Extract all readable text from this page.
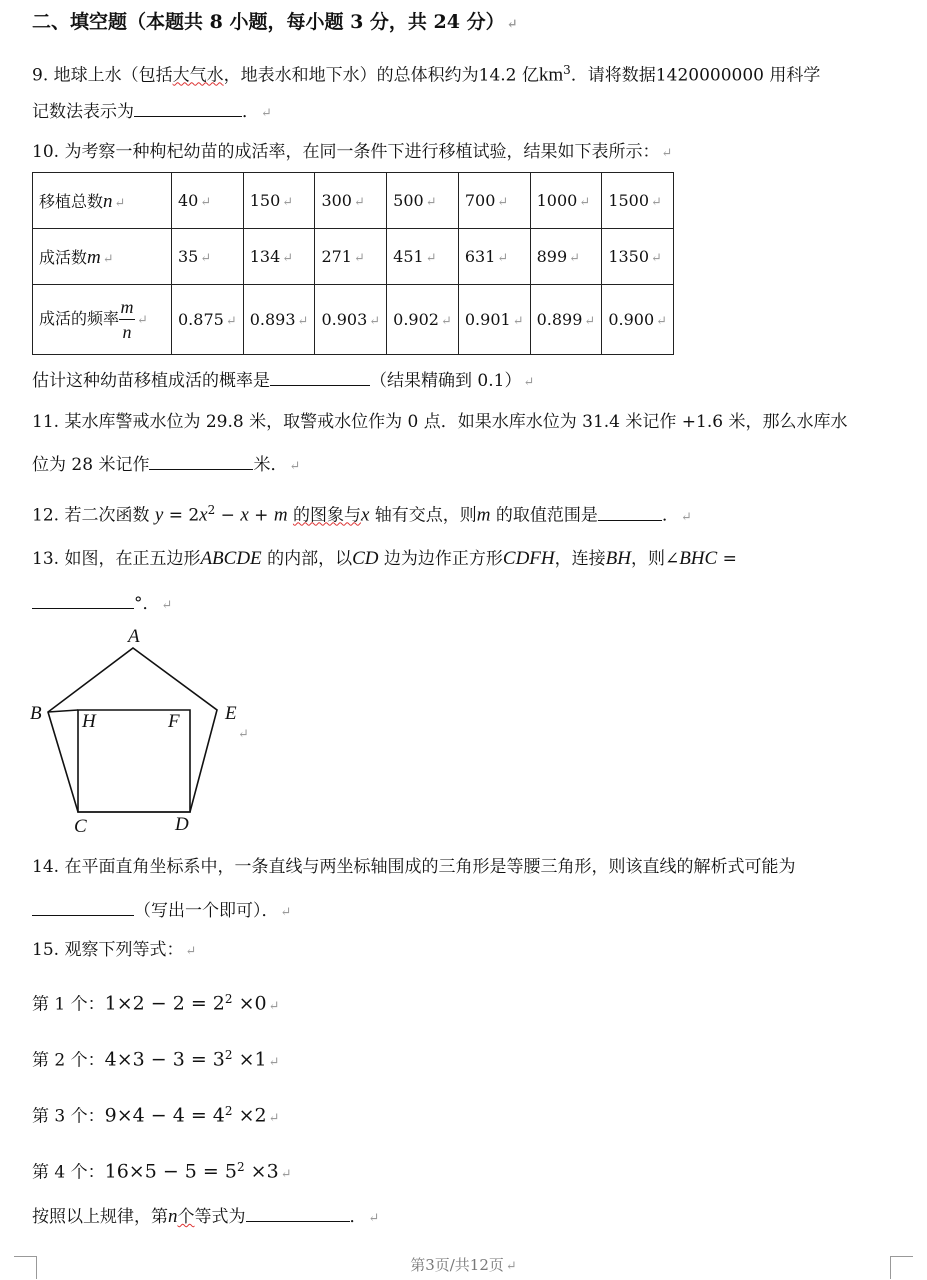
二、填空题（本题共 8 小题，每小题 3 分，共 24 分） ↵
9. 地球上水（包括大气水，地表水和地下水）的总体积约为14.2 亿$km^3$．请将数据1420000000 用科学
记数法表示为	． ↵
10. 为考察一种枸杞幼苗的成活率，在同一条件下进行移植试验，结果如下表所示： ↵
移植总数n ↵	40 ↵	150 ↵	300 ↵	500 ↵	700 ↵	1000 ↵	1500 ↵
成活数m ↵	35 ↵	134 ↵	271 ↵	451 ↵	631 ↵	899 ↵	1350 ↵
成活的频率 $\frac{m}{n}$ ↵	0.875 ↵	0.893 ↵	0.903 ↵	0.902 ↵	0.901 ↵	0.899 ↵	0.900 ↵
估计这种幼苗移植成活的概率是	（结果精确到 0.1） ↵
11. 某水库警戒水位为 29.8 米，取警戒水位作为 0 点．如果水库水位为 31.4 米记作 +1.6 米，那么水库水
位为 28 米记作	米． ↵
12. 若二次函数 $y = 2x^2 - x + m$ 的图象与x 轴有交点，则m 的取值范围是	． ↵
13. 如图，在正五边形ABCDE 的内部，以CD 边为边作正方形CDFH，连接BH，则∠BHC =
°． ↵
A
B H	F E
C	D
↵
14. 在平面直角坐标系中，一条直线与两坐标轴围成的三角形是等腰三角形，则该直线的解析式可能为
（写出一个即可）． ↵
15. 观察下列等式： ↵
第 1 个：$1\times 2 - 2 = 2^2 \times 0$ ↵
第 2 个：$4\times 3 - 3 = 3^2 \times 1$ ↵
第 3 个：$9\times 4 - 4 = 4^2 \times 2$ ↵
第 4 个：$16\times 5 - 5 = 5^2 \times 3$ ↵
按照以上规律，第n个等式为	． ↵
第3页/共12页 ↵
